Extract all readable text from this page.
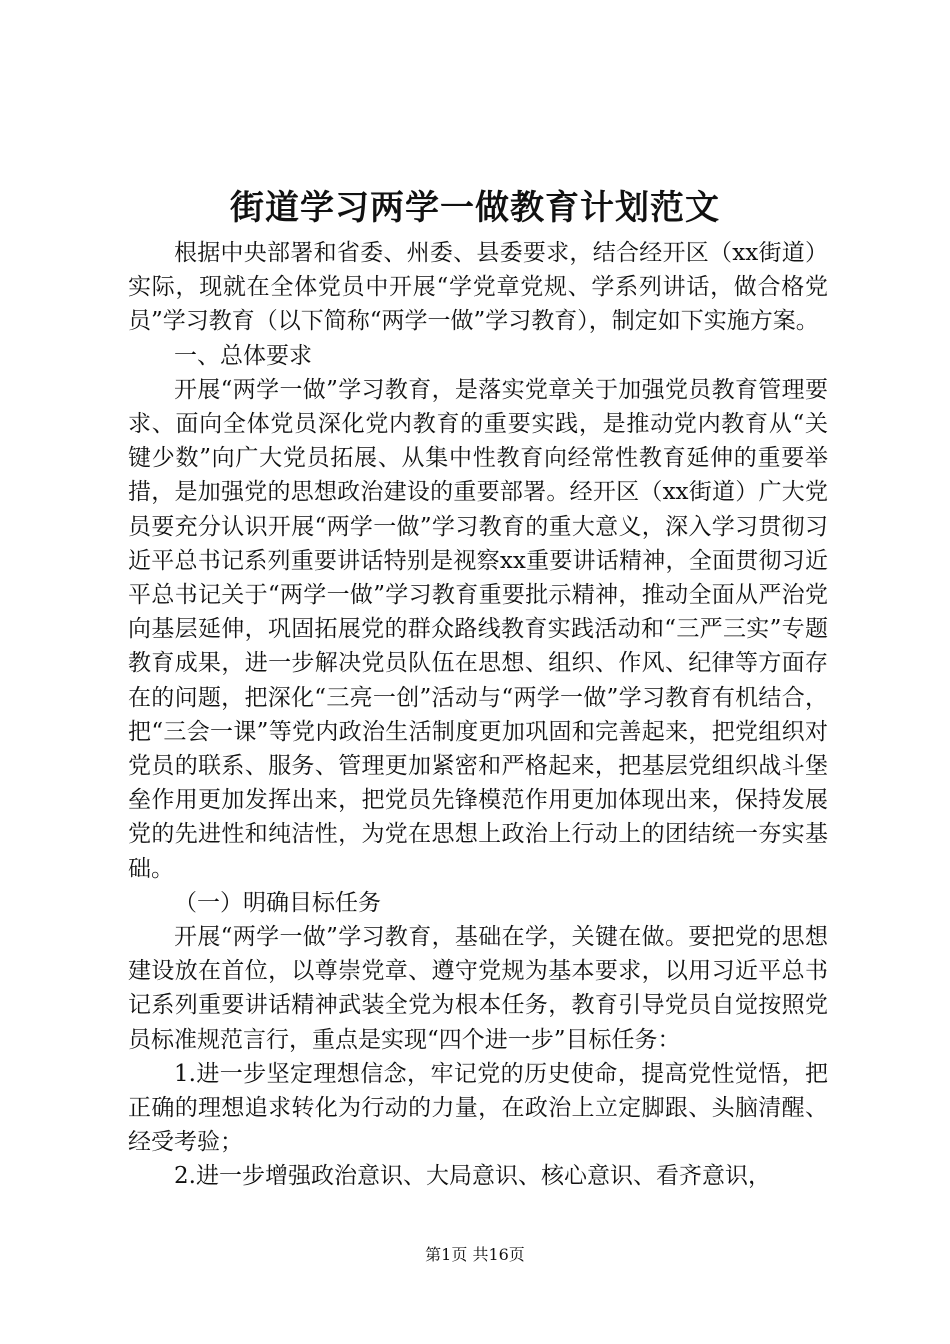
街道学习两学一做教育计划范文

根据中央部署和省委、州委、县委要求，结合经开区（xx街道）实际，现就在全体党员中开展“学党章党规、学系列讲话，做合格党员”学习教育（以下简称“两学一做”学习教育），制定如下实施方案。

一、总体要求

开展“两学一做”学习教育，是落实党章关于加强党员教育管理要求、面向全体党员深化党内教育的重要实践，是推动党内教育从“关键少数”向广大党员拓展、从集中性教育向经常性教育延伸的重要举措，是加强党的思想政治建设的重要部署。经开区（xx街道）广大党员要充分认识开展“两学一做”学习教育的重大意义，深入学习贯彻习近平总书记系列重要讲话特别是视察xx重要讲话精神，全面贯彻习近平总书记关于“两学一做”学习教育重要批示精神，推动全面从严治党向基层延伸，巩固拓展党的群众路线教育实践活动和“三严三实”专题教育成果，进一步解决党员队伍在思想、组织、作风、纪律等方面存在的问题，把深化“三亮一创”活动与“两学一做”学习教育有机结合，把“三会一课”等党内政治生活制度更加巩固和完善起来，把党组织对党员的联系、服务、管理更加紧密和严格起来，把基层党组织战斗堡垒作用更加发挥出来，把党员先锋模范作用更加体现出来，保持发展党的先进性和纯洁性，为党在思想上政治上行动上的团结统一夯实基础。

（一）明确目标任务

开展“两学一做”学习教育，基础在学，关键在做。要把党的思想建设放在首位，以尊崇党章、遵守党规为基本要求，以用习近平总书记系列重要讲话精神武装全党为根本任务，教育引导党员自觉按照党员标准规范言行，重点是实现“四个进一步”目标任务：

1.进一步坚定理想信念，牢记党的历史使命，提高党性觉悟，把正确的理想追求转化为行动的力量，在政治上立定脚跟、头脑清醒、经受考验；

2.进一步增强政治意识、大局意识、核心意识、看齐意识，

第1页 共16页
